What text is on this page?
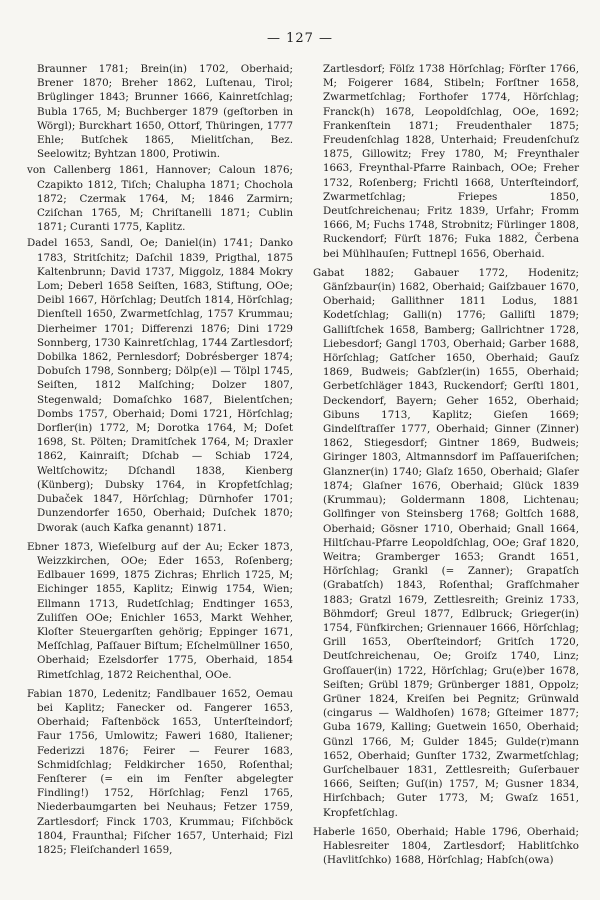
— 127 —

Braunner 1781; Brein(in) 1702, Oberhaid; Brener 1870; Breher 1862, Luſtenau, Tirol; Brüglinger 1843; Brunner 1666, Kainretſchlag; Bubla 1765, M; Buchberger 1879 (geſtorben in Wörgl); Burckhart 1650, Ottorf, Thüringen, 1777 Ehle; Butſchek 1865, Mielitſchan, Bez. Seelowitz; Byhtzan 1800, Protiwin.

von Callenberg 1861, Hannover; Caloun 1876; Czapikto 1812, Tiſch; Chalupha 1871; Chochola 1872; Czermak 1764, M; 1846 Zarmirn; Cziſchan 1765, M; Chriſtanelli 1871; Cublin 1871; Curanti 1775, Kaplitz.

Dadel 1653, Sandl, Oe; Daniel(in) 1741; Danko 1783, Stritſchitz; Daſchil 1839, Prigthal, 1875 Kaltenbrunn; David 1737, Miggolz, 1884 Mokry Lom; Deberl 1658 Seiſten, 1683, Stiftung, OOe; Deibl 1667, Hörſchlag; Deutſch 1814, Hörſchlag; Dienſtell 1650, Zwarmetſchlag, 1757 Krummau; Dierheimer 1701; Differenzi 1876; Dini 1729 Sonnberg, 1730 Kainretſchlag, 1744 Zartlesdorf; Dobilka 1862, Pernlesdorf; Dobrésberger 1874; Dobuſch 1798, Sonnberg; Dölp(e)l — Tölpl 1745, Seiſten, 1812 Malſching; Dolzer 1807, Stegenwald; Domaſchko 1687, Bielentſchen; Dombs 1757, Oberhaid; Domi 1721, Hörſchlag; Dorfler(in) 1772, M; Dorotka 1764, M; Doſet 1698, St. Pölten; Dramitſchek 1764, M; Draxler 1862, Kainraiſt; Dſchab — Schiab 1724, Weltſchowitz; Dſchandl 1838, Kienberg (Künberg); Dubsky 1764, in Kropfetſchlag; Dubaček 1847, Hörſchlag; Dürnhofer 1701; Dunzendorfer 1650, Oberhaid; Duſchek 1870; Dworak (auch Kafka genannt) 1871.

Ebner 1873, Wieſelburg auf der Au; Ecker 1873, Weizzkirchen, OOe; Eder 1653, Roſenberg; Edlbauer 1699, 1875 Zichras; Ehrlich 1725, M; Eichinger 1855, Kaplitz; Einwig 1754, Wien; Ellmann 1713, Rudetſchlag; Endtinger 1653, Zuliſſen OOe; Enichler 1653, Markt Wehher, Kloſter Steuergarſten gehörig; Eppinger 1671, Meſſchlag, Paſſauer Biſtum; Eſchelmüllner 1650, Oberhaid; Ezelsdorfer 1775, Oberhaid, 1854 Rimetſchlag, 1872 Reichenthal, OOe.

Fabian 1870, Ledenitz; Fandlbauer 1652, Oemau bei Kaplitz; Fanecker od. Fangerer 1653, Oberhaid; Faſtenböck 1653, Unterſteindorf; Faur 1756, Umlowitz; Faweri 1680, Italiener; Federizzi 1876; Feirer — Feurer 1683, Schmidſchlag; Feldkircher 1650, Roſenthal; Fenſterer (= ein im Fenſter abgelegter Findling!) 1752, Hörſchlag; Fenzl 1765, Niederbaumgarten bei Neuhaus; Fetzer 1759, Zartlesdorf; Finck 1703, Krummau; Fiſchböck 1804, Fraunthal; Fiſcher 1657, Unterhaid; Fizl 1825; Fleiſchanderl 1659,

Zartlesdorf; Fölſz 1738 Hörſchlag; Förſter 1766, M; Foigerer 1684, Stibeln; Forſtner 1658, Zwarmetſchlag; Forthofer 1774, Hörſchlag; Franck(h) 1678, Leopoldſchlag, OOe, 1692; Frankenſtein 1871; Freudenthaler 1875; Freudenſchlag 1828, Unterhaid; Freudenſchuſz 1875, Gillowitz; Frey 1780, M; Freynthaler 1663, Freynthal-Pfarre Rainbach, OOe; Freher 1732, Roſenberg; Frichtl 1668, Unterſteindorf, Zwarmetſchlag; Friepes 1850, Deutſchreichenau; Fritz 1839, Urfahr; Fromm 1666, M; Fuchs 1748, Strobnitz; Fürlinger 1808, Ruckendorf; Fürſt 1876; Fuka 1882, Čerbena bei Mühlhauſen; Futtnepl 1656, Oberhaid.

Gabat 1882; Gabauer 1772, Hodenitz; Gänſzbaur(in) 1682, Oberhaid; Gaiſzbauer 1670, Oberhaid; Gallithner 1811 Lodus, 1881 Kodetſchlag; Galli(n) 1776; Galliſtl 1879; Galliſtſchek 1658, Bamberg; Gallrichtner 1728, Liebesdorf; Gangl 1703, Oberhaid; Garber 1688, Hörſchlag; Gatſcher 1650, Oberhaid; Gauſz 1869, Budweis; Gabſzler(in) 1655, Oberhaid; Gerbetſchläger 1843, Ruckendorf; Gerſtl 1801, Deckendorf, Bayern; Geher 1652, Oberhaid; Gibuns 1713, Kaplitz; Gieſen 1669; Gindelſtraſſer 1777, Oberhaid; Ginner (Zinner) 1862, Stiegesdorf; Gintner 1869, Budweis; Giringer 1803, Altmannsdorf im Paſſaueriſchen; Glanzner(in) 1740; Glaſz 1650, Oberhaid; Glaſer 1874; Glaſner 1676, Oberhaid; Glück 1839 (Krummau); Goldermann 1808, Lichtenau; Gollfinger von Steinsberg 1768; Goltſch 1688, Oberhaid; Gösner 1710, Oberhaid; Gnall 1664, Hiltſchau-Pfarre Leopoldſchlag, OOe; Graf 1820, Weitra; Gramberger 1653; Grandt 1651, Hörſchlag; Grankl (= Zanner); Grapatſch (Grabatſch) 1843, Roſenthal; Grafſchmaher 1883; Gratzl 1679, Zettlesreith; Greiniz 1733, Böhmdorf; Greul 1877, Edlbruck; Grieger(in) 1754, Fünfkirchen; Griennauer 1666, Hörſchlag; Grill 1653, Oberſteindorf; Gritſch 1720, Deutſchreichenau, Oe; Groiſz 1740, Linz; Groſſauer(in) 1722, Hörſchlag; Gru(e)ber 1678, Seiſten; Grübl 1879; Grünberger 1881, Oppolz; Grüner 1824, Kreiſen bei Pegnitz; Grünwald (cingarus — Waldhoſen) 1678; Gſteimer 1877; Guba 1679, Kalling; Guetwein 1650, Oberhaid; Günzl 1766, M; Gulder 1845; Gulde(r)mann 1652, Oberhaid; Gunſter 1732, Zwarmetſchlag; Gurſchelbauer 1831, Zettlesreith; Guſerbauer 1666, Seiſten; Guſ(in) 1757, M; Gusner 1834, Hirſchbach; Guter 1773, M; Gwaſz 1651, Kropfetſchlag.

Haberle 1650, Oberhaid; Hable 1796, Oberhaid; Hablesreiter 1804, Zartlesdorf; Hablitſchko (Havlitſchko) 1688, Hörſchlag; Habſch(owa)
